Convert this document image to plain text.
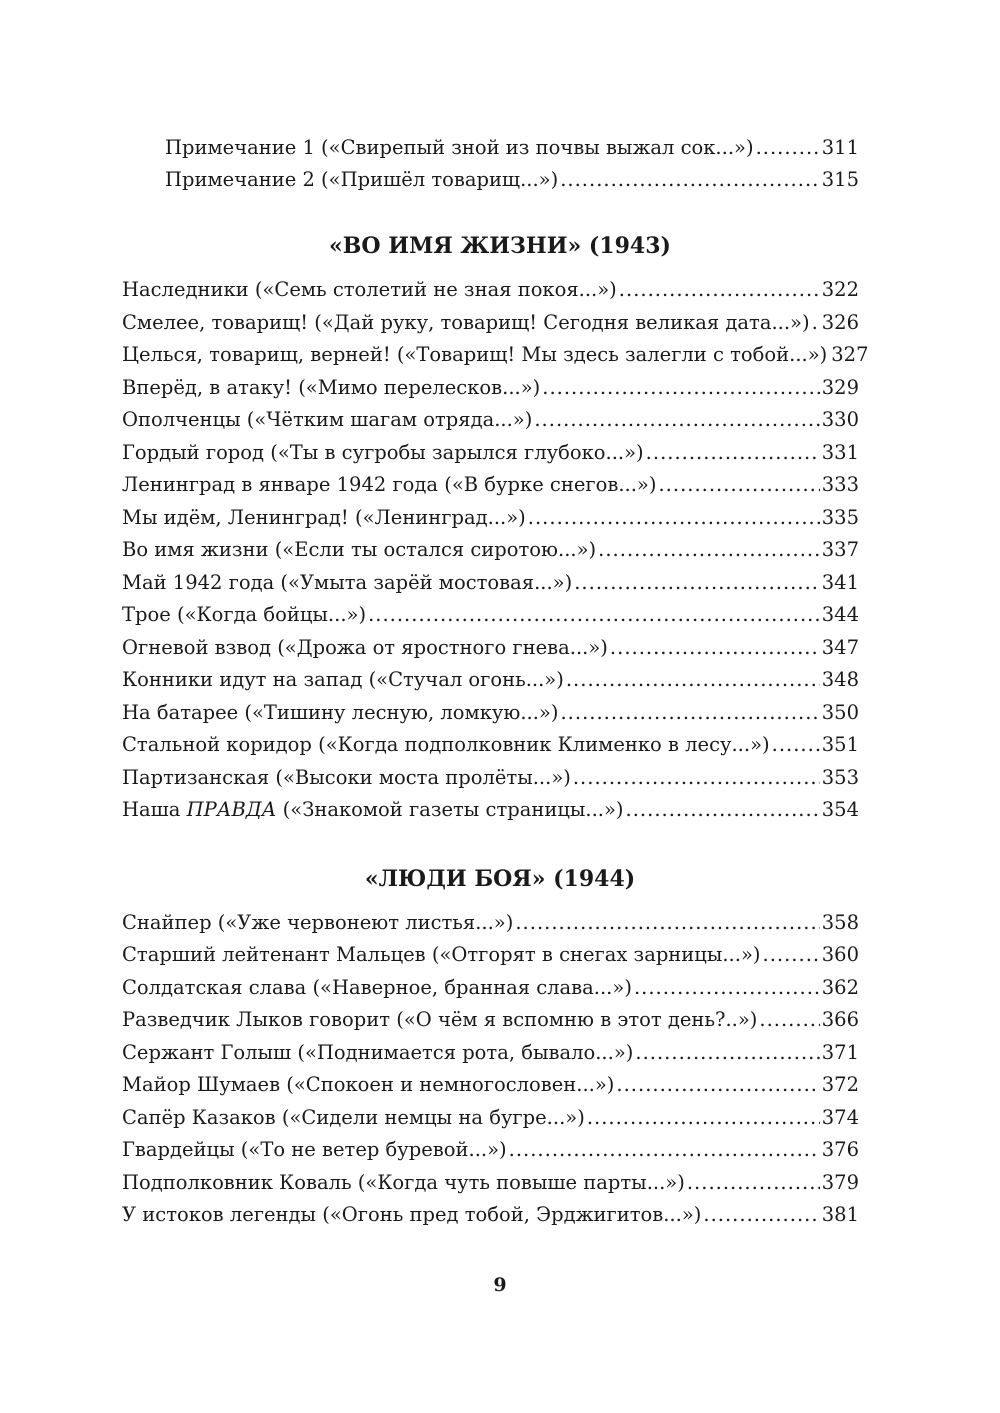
Примечание 1 («Свирепый зной из почвы выжал сок...») .....	311
Примечание 2 («Пришёл товарищ...») .....	315
«ВО ИМЯ ЖИЗНИ» (1943)
Наследники («Семь столетий не зная покоя...») .....	322
Смелее, товарищ! («Дай руку, товарищ! Сегодня великая дата...») ..... 326
Целься, товарищ, верней! («Товарищ! Мы здесь залегли с тобой...») 327
Вперёд, в атаку! («Мимо перелесков...») .....	329
Ополченцы («Чётким шагам отряда...») .....	330
Гордый город («Ты в сугробы зарылся глубоко...») .....	331
Ленинград в январе 1942 года («В бурке снегов...») .....	333
Мы идём, Ленинград! («Ленинград...») .....	335
Во имя жизни («Если ты остался сиротою...») .....	337
Май 1942 года («Умыта зарёй мостовая...») .....	341
Трое («Когда бойцы...») .....	344
Огневой взвод («Дрожа от яростного гнева...») .....	347
Конники идут на запад («Стучал огонь...») .....	348
На батарее («Тишину лесную, ломкую...») .....	350
Стальной коридор («Когда подполковник Клименко в лесу...») .....	351
Партизанская («Высоки моста пролёты...») .....	353
Наша ПРАВДА («Знакомой газеты страницы...») .....	354
«ЛЮДИ БОЯ» (1944)
Снайпер («Уже червонеют листья...») .....	358
Старший лейтенант Мальцев («Отгорят в снегах зарницы...») .....	360
Солдатская слава («Наверное, бранная слава...») .....	362
Разведчик Лыков говорит («О чём я вспомню в этот день?..») .....	366
Сержант Голыш («Поднимается рота, бывало...») .....	371
Майор Шумаев («Спокоен и немногословен...») .....	372
Сапёр Казаков («Сидели немцы на бугре...») .....	374
Гвардейцы («То не ветер буревой...») .....	376
Подполковник Коваль («Когда чуть повыше парты...») .....	379
У истоков легенды («Огонь пред тобой, Эрджигитов...») .....	381
9
